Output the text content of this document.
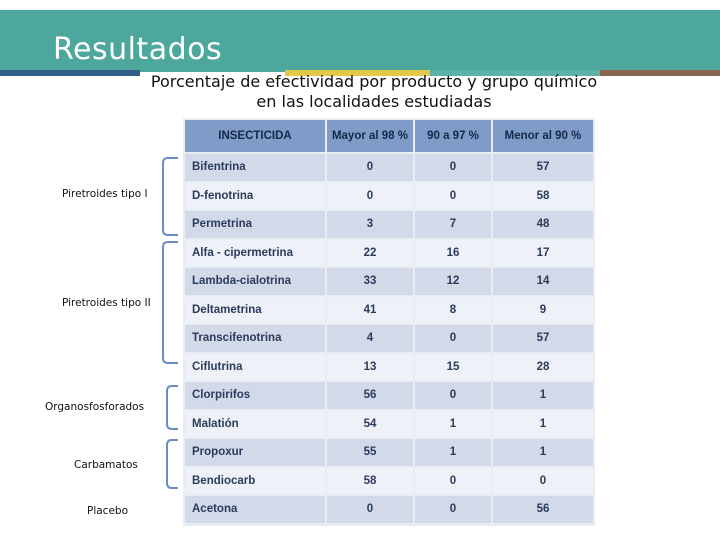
Resultados
Porcentaje de efectividad por producto y grupo químico
en las localidades estudiadas
INSECTICIDA	Mayor al 98 %	90 a 97 %	Menor al 90 %
Bifentrina	0	0	57
D-fenotrina	0	0	58
Permetrina	3	7	48
Alfa - cipermetrina	22	16	17
Lambda-cialotrina	33	12	14
Deltametrina	41	8	9
Transcifenotrina	4	0	57
Ciflutrina	13	15	28
Clorpirifos	56	0	1
Malatión	54	1	1
Propoxur	55	1	1
Bendiocarb	58	0	0
Acetona	0	0	56
Piretroides tipo I
Piretroides tipo II
Organosfosforados
Carbamatos
Placebo
